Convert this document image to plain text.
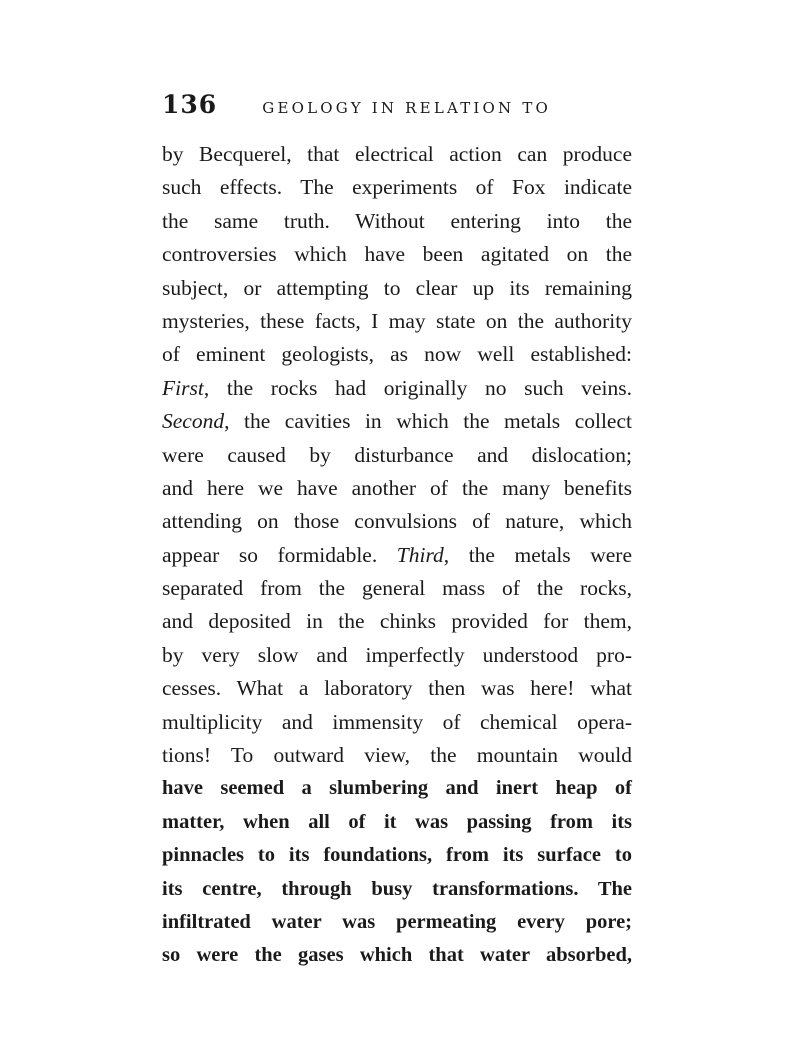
136	GEOLOGY IN RELATION TO
by Becquerel, that electrical action can produce
such effects. The experiments of Fox indicate
the same truth. Without entering into the
controversies which have been agitated on the
subject, or attempting to clear up its remaining
mysteries, these facts, I may state on the authority
of eminent geologists, as now well established:
First, the rocks had originally no such veins.
Second, the cavities in which the metals collect
were caused by disturbance and dislocation;
and here we have another of the many benefits
attending on those convulsions of nature, which
appear so formidable. Third, the metals were
separated from the general mass of the rocks,
and deposited in the chinks provided for them,
by very slow and imperfectly understood pro-
cesses. What a laboratory then was here! what
multiplicity and immensity of chemical opera-
tions! To outward view, the mountain would
have seemed a slumbering and inert heap of
matter, when all of it was passing from its
pinnacles to its foundations, from its surface to
its centre, through busy transformations. The
infiltrated water was permeating every pore;
so were the gases which that water absorbed,
